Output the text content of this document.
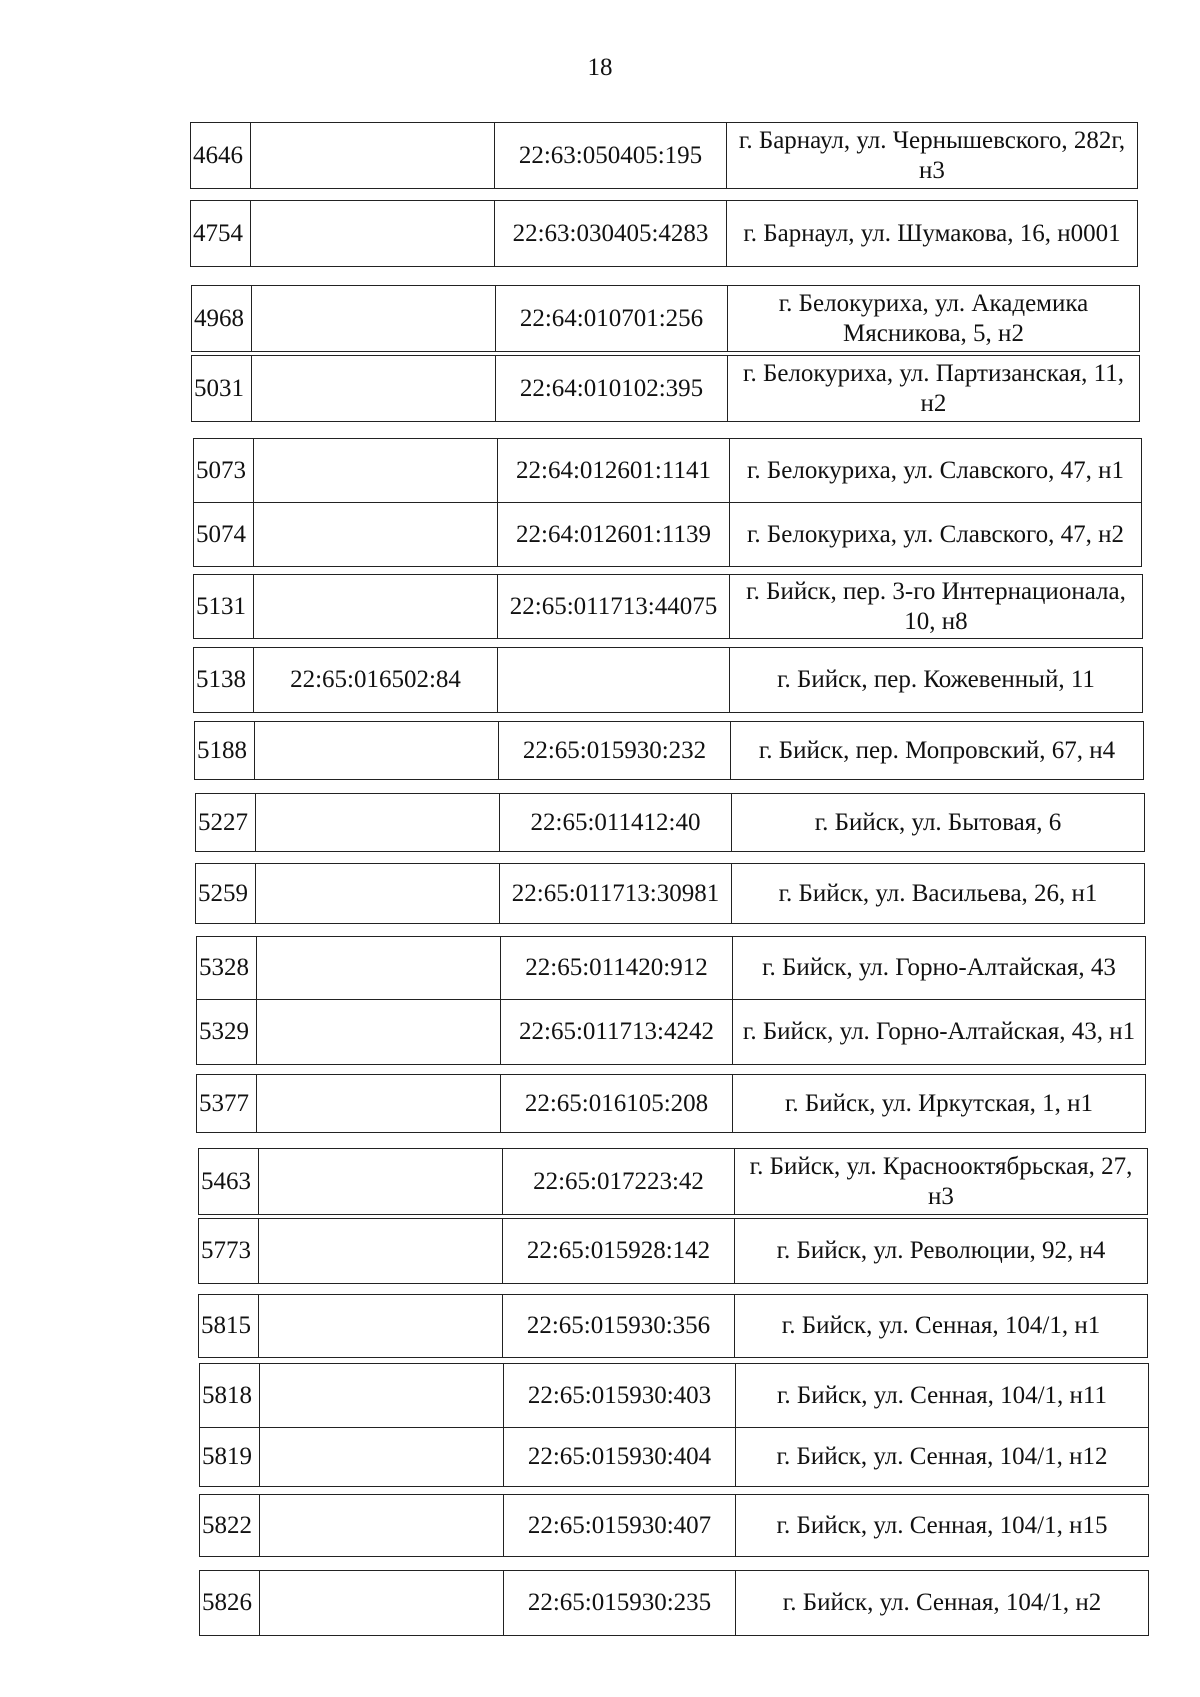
18
4646		22:63:050405:195	г. Барнаул, ул. Чернышевского, 282г, н3
4754		22:63:030405:4283	г. Барнаул, ул. Шумакова, 16, н0001
4968		22:64:010701:256	г. Белокуриха, ул. Академика Мясникова, 5, н2
5031		22:64:010102:395	г. Белокуриха, ул. Партизанская, 11, н2
5073		22:64:012601:1141	г. Белокуриха, ул. Славского, 47, н1
5074		22:64:012601:1139	г. Белокуриха, ул. Славского, 47, н2
5131		22:65:011713:44075	г. Бийск, пер. 3-го Интернационала, 10, н8
5138	22:65:016502:84		г. Бийск, пер. Кожевенный, 11
5188		22:65:015930:232	г. Бийск, пер. Мопровский, 67, н4
5227		22:65:011412:40	г. Бийск, ул. Бытовая, 6
5259		22:65:011713:30981	г. Бийск, ул. Васильева, 26, н1
5328		22:65:011420:912	г. Бийск, ул. Горно-Алтайская, 43
5329		22:65:011713:4242	г. Бийск, ул. Горно-Алтайская, 43, н1
5377		22:65:016105:208	г. Бийск, ул. Иркутская, 1, н1
5463		22:65:017223:42	г. Бийск, ул. Краснооктябрьская, 27, н3
5773		22:65:015928:142	г. Бийск, ул. Революции, 92, н4
5815		22:65:015930:356	г. Бийск, ул. Сенная, 104/1, н1
5818		22:65:015930:403	г. Бийск, ул. Сенная, 104/1, н11
5819		22:65:015930:404	г. Бийск, ул. Сенная, 104/1, н12
5822		22:65:015930:407	г. Бийск, ул. Сенная, 104/1, н15
5826		22:65:015930:235	г. Бийск, ул. Сенная, 104/1, н2
